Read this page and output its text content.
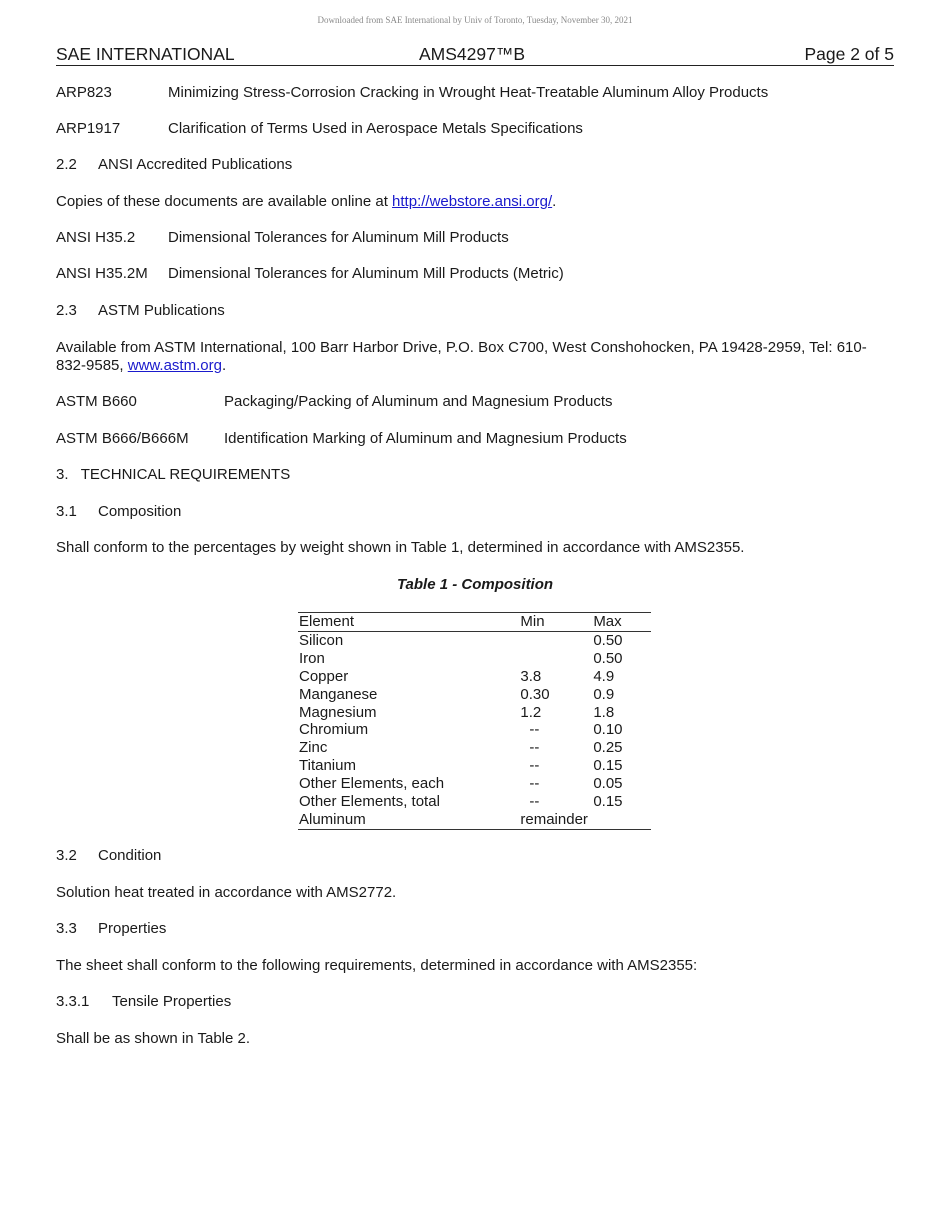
Downloaded from SAE International by Univ of Toronto, Tuesday, November 30, 2021
SAE INTERNATIONAL	AMS4297™B	Page 2 of 5
ARP823	Minimizing Stress-Corrosion Cracking in Wrought Heat-Treatable Aluminum Alloy Products
ARP1917	Clarification of Terms Used in Aerospace Metals Specifications
2.2 ANSI Accredited Publications
Copies of these documents are available online at http://webstore.ansi.org/.
ANSI H35.2 Dimensional Tolerances for Aluminum Mill Products
ANSI H35.2M Dimensional Tolerances for Aluminum Mill Products (Metric)
2.3 ASTM Publications
Available from ASTM International, 100 Barr Harbor Drive, P.O. Box C700, West Conshohocken, PA 19428-2959, Tel: 610-
832-9585, www.astm.org.
ASTM B660	Packaging/Packing of Aluminum and Magnesium Products
ASTM B666/B666M Identification Marking of Aluminum and Magnesium Products
3.   TECHNICAL REQUIREMENTS
3.1 Composition
Shall conform to the percentages by weight shown in Table 1, determined in accordance with AMS2355.
Table 1 - Composition
Element	Min	Max
Silicon		0.50
Iron		0.50
Copper	3.8	4.9
Manganese	0.30	0.9
Magnesium	1.2	1.8
Chromium	--	0.10
Zinc	--	0.25
Titanium	--	0.15
Other Elements, each	--	0.05
Other Elements, total	--	0.15
Aluminum	remainder	
3.2 Condition
Solution heat treated in accordance with AMS2772.
3.3 Properties
The sheet shall conform to the following requirements, determined in accordance with AMS2355:
3.3.1 Tensile Properties
Shall be as shown in Table 2.
